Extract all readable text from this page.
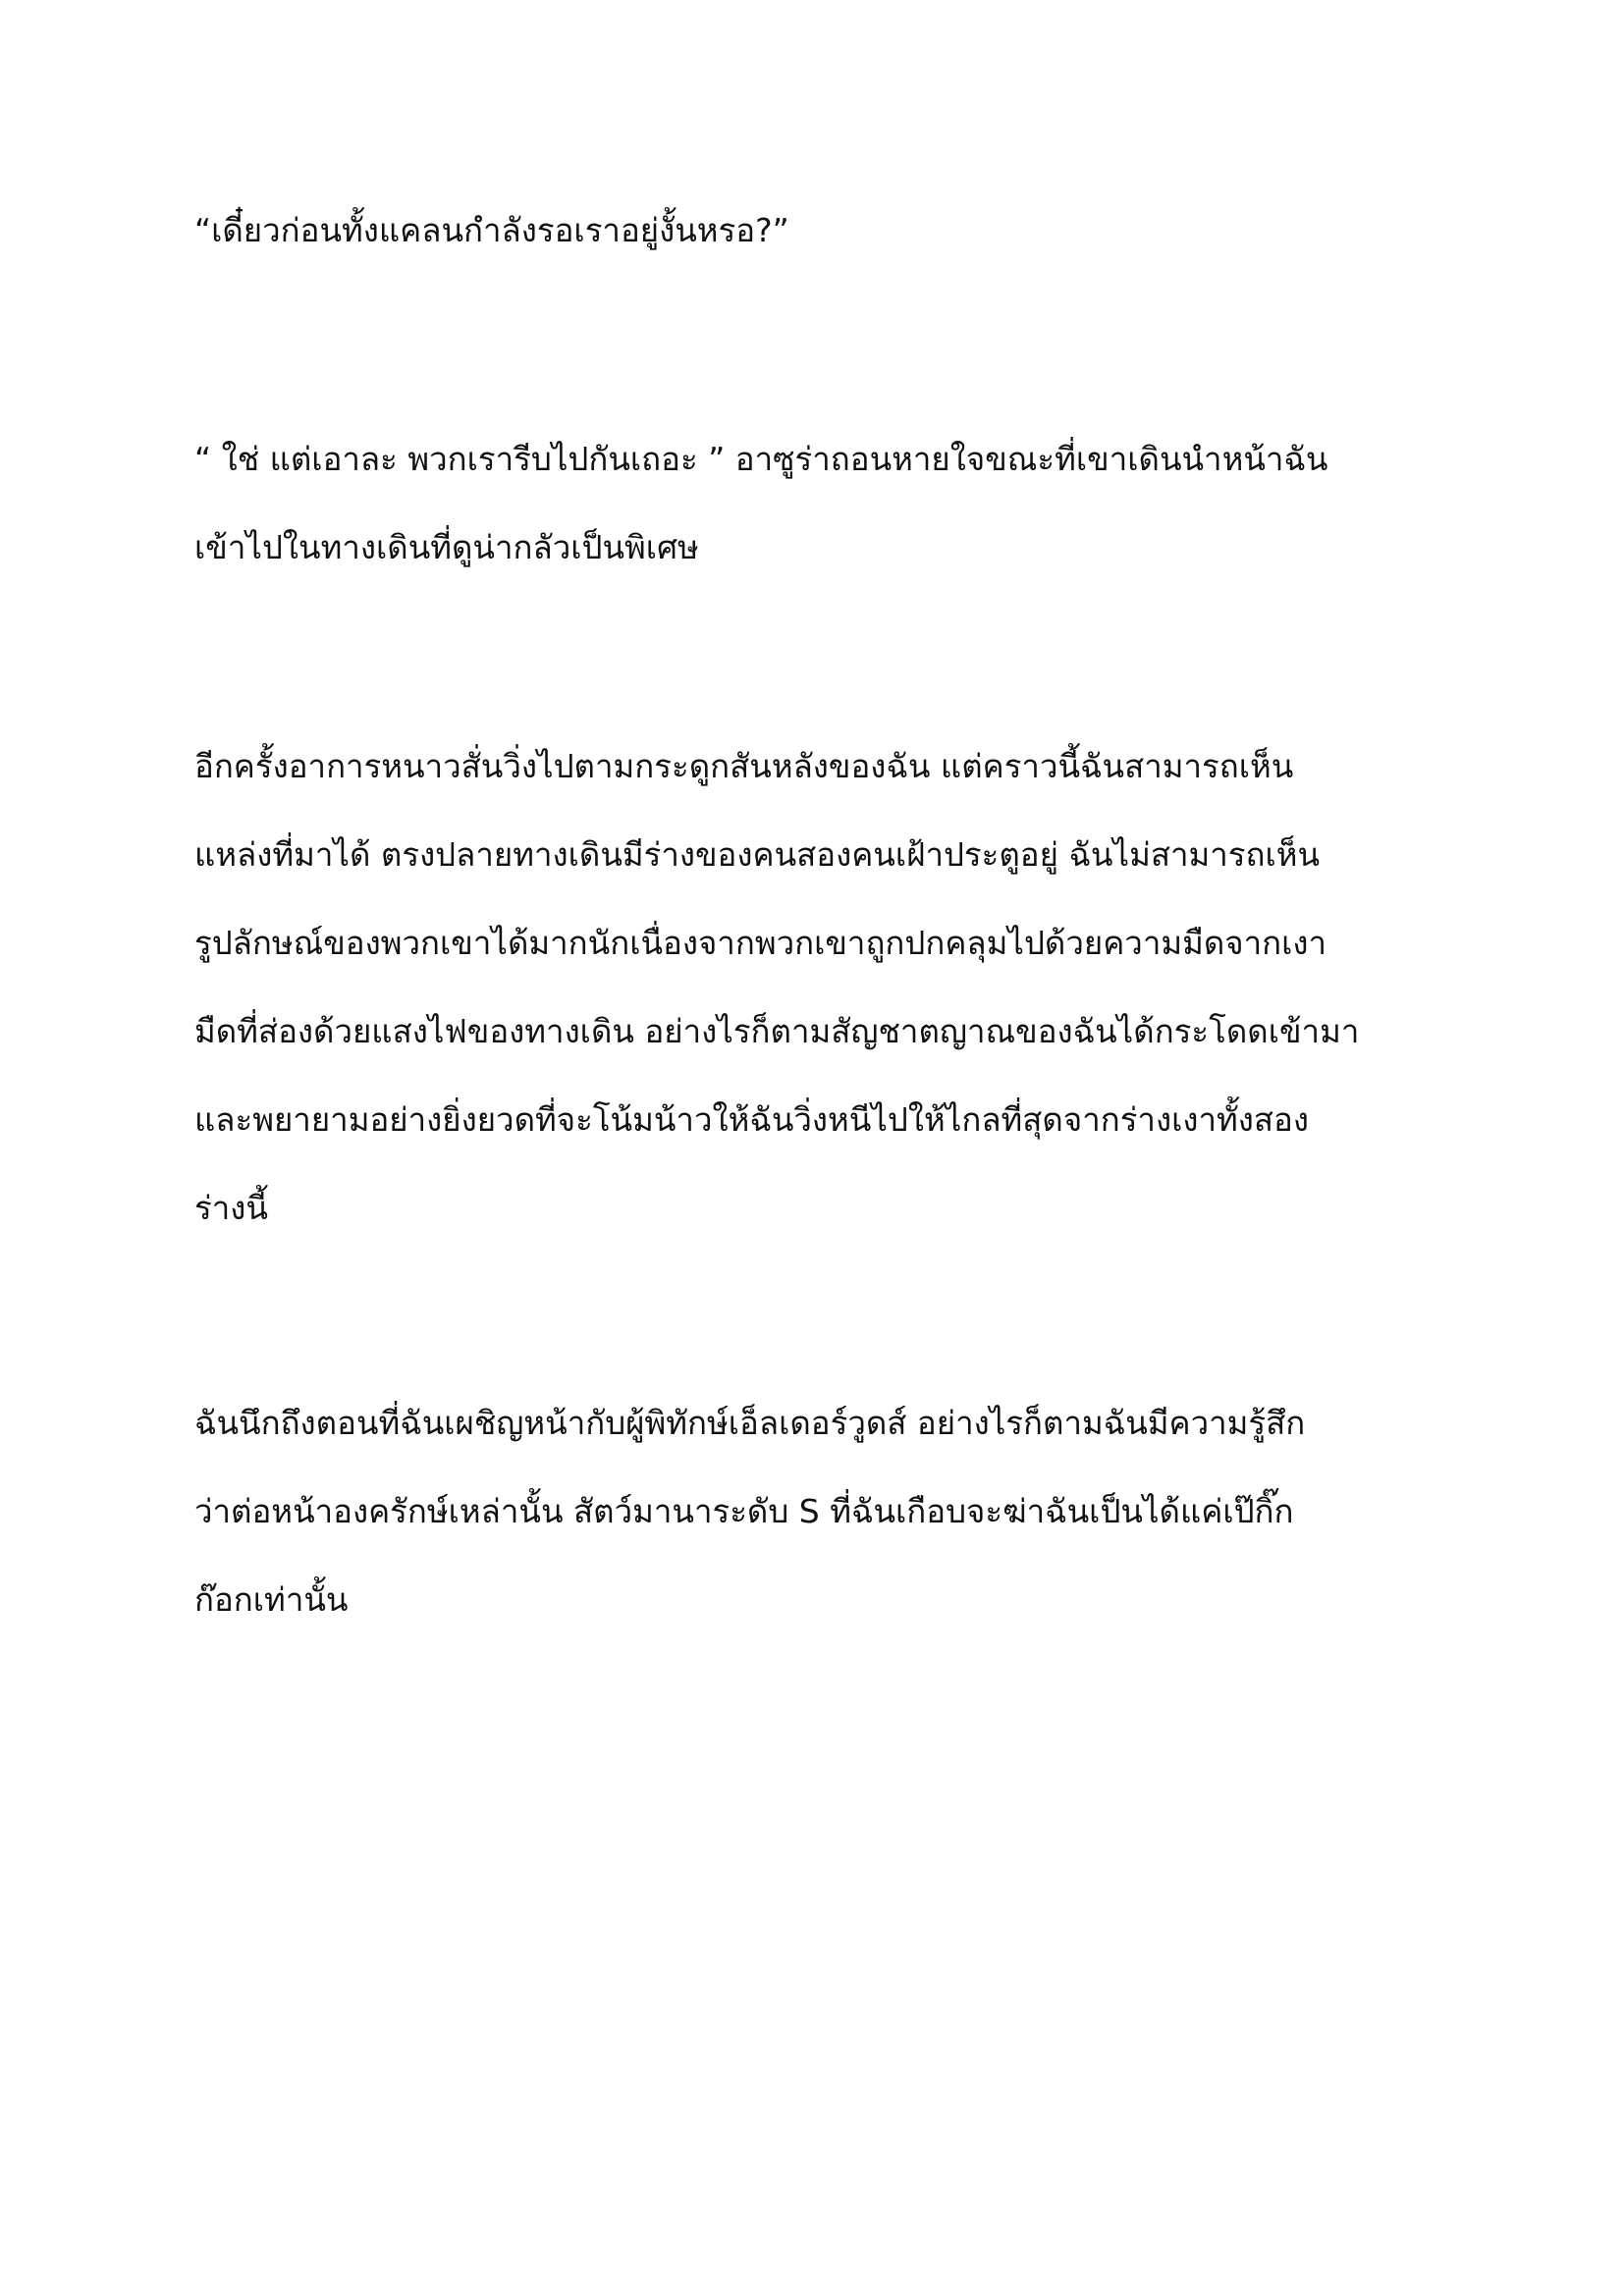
“เดี๋ยวก่อนทั้งแคลนกำลังรอเราอยู่งั้นหรอ?”

“ ใช่ แต่เอาละ พวกเรารีบไปกันเถอะ ” อาซูร่าถอนหายใจขณะที่เขาเดินนำหน้าฉัน
เข้าไปในทางเดินที่ดูน่ากลัวเป็นพิเศษ

อีกครั้งอาการหนาวสั่นวิ่งไปตามกระดูกสันหลังของฉัน แต่คราวนี้ฉันสามารถเห็น
แหล่งที่มาได้ ตรงปลายทางเดินมีร่างของคนสองคนเฝ้าประตูอยู่ ฉันไม่สามารถเห็น
รูปลักษณ์ของพวกเขาได้มากนักเนื่องจากพวกเขาถูกปกคลุมไปด้วยความมืดจากเงา
มืดที่ส่องด้วยแสงไฟของทางเดิน อย่างไรก็ตามสัญชาตญาณของฉันได้กระโดดเข้ามา
และพยายามอย่างยิ่งยวดที่จะโน้มน้าวให้ฉันวิ่งหนีไปให้ไกลที่สุดจากร่างเงาทั้งสอง
ร่างนี้

ฉันนึกถึงตอนที่ฉันเผชิญหน้ากับผู้พิทักษ์เอ็ลเดอร์วูดส์ อย่างไรก็ตามฉันมีความรู้สึก
ว่าต่อหน้าองครักษ์เหล่านั้น สัตว์มานาระดับ S ที่ฉันเกือบจะฆ่าฉันเป็นได้แค่เป๊กิ๊ก
ก๊อกเท่านั้น
